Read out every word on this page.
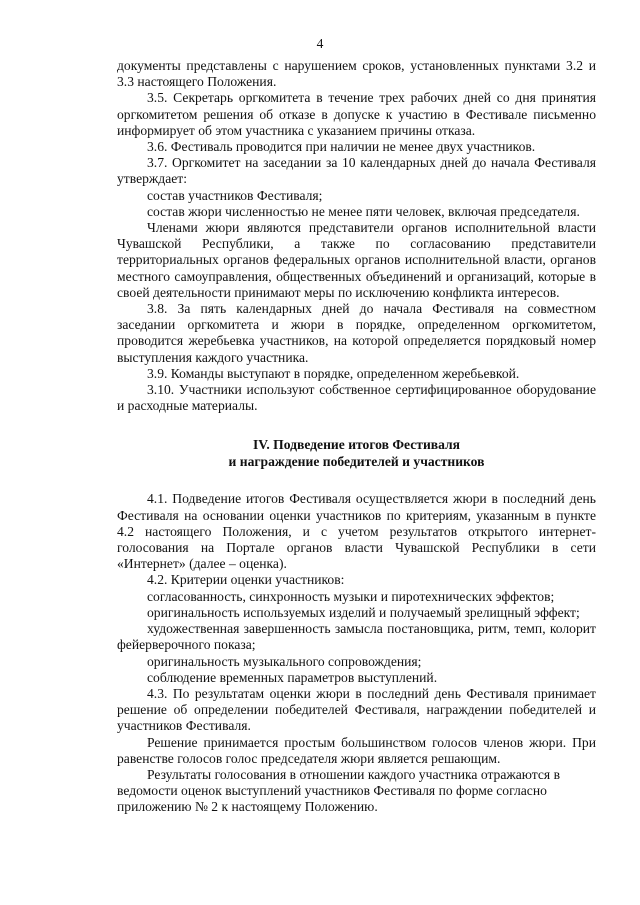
4

документы представлены с нарушением сроков, установленных пунктами 3.2 и 3.3 настоящего Положения.

3.5. Секретарь оргкомитета в течение трех рабочих дней со дня принятия оргкомитетом решения об отказе в допуске к участию в Фестивале письменно информирует об этом участника с указанием причины отказа.

3.6. Фестиваль проводится при наличии не менее двух участников.

3.7. Оргкомитет на заседании за 10 календарных дней до начала Фестиваля утверждает:

состав участников Фестиваля;

состав жюри численностью не менее пяти человек, включая председателя.

Членами жюри являются представители органов исполнительной власти Чувашской Республики, а также по согласованию представители территориальных органов федеральных органов исполнительной власти, органов местного самоуправления, общественных объединений и организаций, которые в своей деятельности принимают меры по исключению конфликта интересов.

3.8. За пять календарных дней до начала Фестиваля на совместном заседании оргкомитета и жюри в порядке, определенном оргкомитетом, проводится жеребьевка участников, на которой определяется порядковый номер выступления каждого участника.

3.9. Команды выступают в порядке, определенном жеребьевкой.

3.10. Участники используют собственное сертифицированное оборудование и расходные материалы.

IV. Подведение итогов Фестиваля
и награждение победителей и участников

4.1. Подведение итогов Фестиваля осуществляется жюри в последний день Фестиваля на основании оценки участников по критериям, указанным в пункте 4.2 настоящего Положения, и с учетом результатов открытого интернет-голосования на Портале органов власти Чувашской Республики в сети «Интернет» (далее – оценка).

4.2. Критерии оценки участников:

согласованность, синхронность музыки и пиротехнических эффектов;

оригинальность используемых изделий и получаемый зрелищный эффект;

художественная завершенность замысла постановщика, ритм, темп, колорит фейерверочного показа;

оригинальность музыкального сопровождения;

соблюдение временных параметров выступлений.

4.3. По результатам оценки жюри в последний день Фестиваля принимает решение об определении победителей Фестиваля, награждении победителей и участников Фестиваля.

Решение принимается простым большинством голосов членов жюри. При равенстве голосов голос председателя жюри является решающим.

Результаты голосования в отношении каждого участника отражаются в ведомости оценок выступлений участников Фестиваля по форме согласно приложению № 2 к настоящему Положению.
